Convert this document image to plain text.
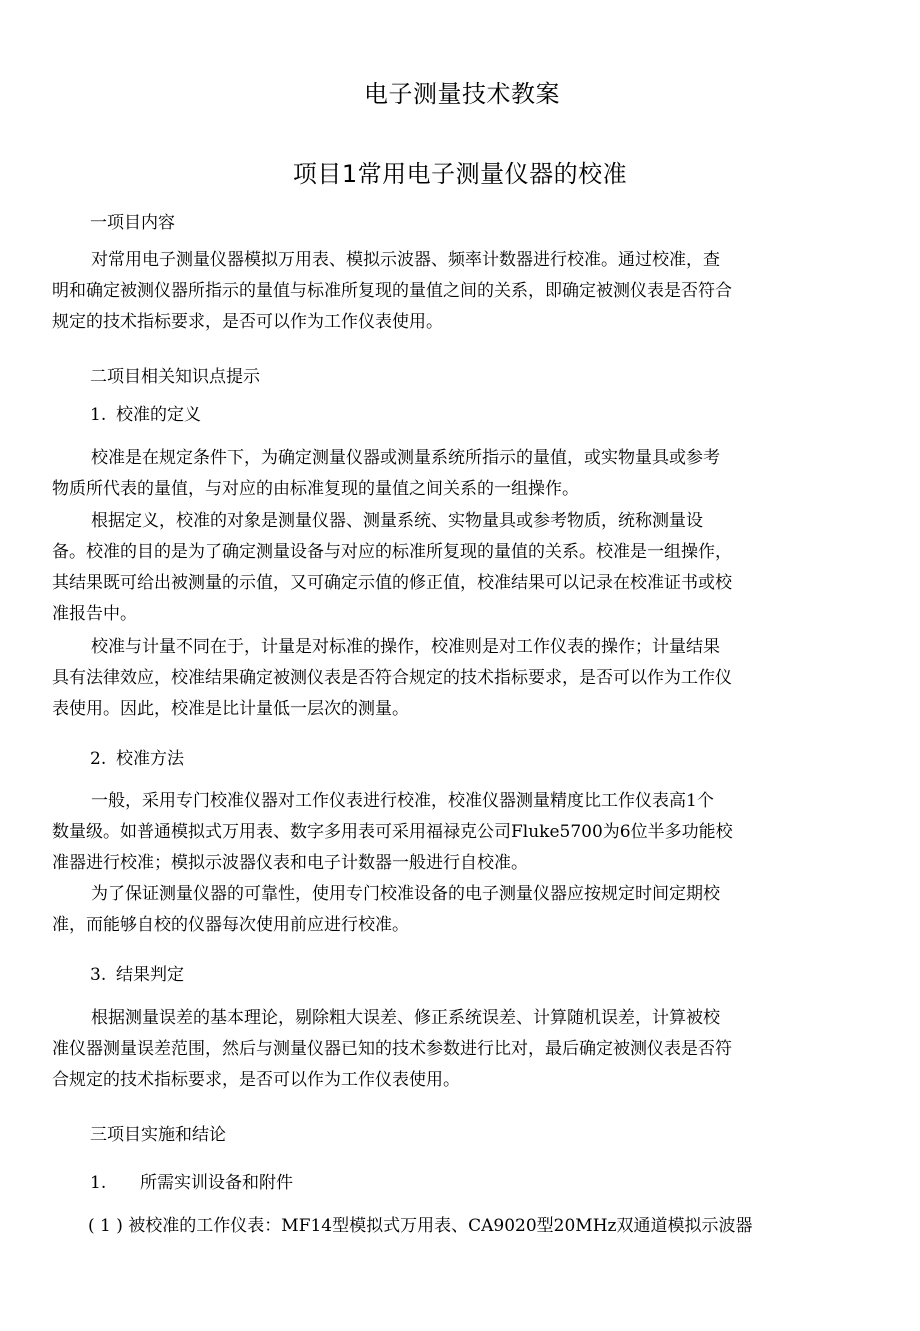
电子测量技术教案
项目1常用电子测量仪器的校准
一项目内容
对常用电子测量仪器模拟万用表、模拟示波器、频率计数器进行校准。通过校准，查
明和确定被测仪器所指示的量值与标准所复现的量值之间的关系，即确定被测仪表是否符合
规定的技术指标要求，是否可以作为工作仪表使用。
二项目相关知识点提示
1. 校准的定义
校准是在规定条件下，为确定测量仪器或测量系统所指示的量值，或实物量具或参考
物质所代表的量值，与对应的由标准复现的量值之间关系的一组操作。
根据定义，校准的对象是测量仪器、测量系统、实物量具或参考物质，统称测量设
备。校准的目的是为了确定测量设备与对应的标准所复现的量值的关系。校准是一组操作，
其结果既可给出被测量的示值，又可确定示值的修正值，校准结果可以记录在校准证书或校
准报告中。
校准与计量不同在于，计量是对标准的操作，校准则是对工作仪表的操作；计量结果
具有法律效应，校准结果确定被测仪表是否符合规定的技术指标要求，是否可以作为工作仪
表使用。因此，校准是比计量低一层次的测量。
2. 校准方法
一般，采用专门校准仪器对工作仪表进行校准，校准仪器测量精度比工作仪表高1个
数量级。如普通模拟式万用表、数字多用表可采用福禄克公司Fluke5700为6位半多功能校
准器进行校准；模拟示波器仪表和电子计数器一般进行自校准。
为了保证测量仪器的可靠性，使用专门校准设备的电子测量仪器应按规定时间定期校
准，而能够自校的仪器每次使用前应进行校准。
3. 结果判定
根据测量误差的基本理论，剔除粗大误差、修正系统误差、计算随机误差，计算被校
准仪器测量误差范围，然后与测量仪器已知的技术参数进行比对，最后确定被测仪表是否符
合规定的技术指标要求，是否可以作为工作仪表使用。
三项目实施和结论
1. 所需实训设备和附件
( 1 ) 被校准的工作仪表：MF14型模拟式万用表、CA9020型20MHz双通道模拟示波器
